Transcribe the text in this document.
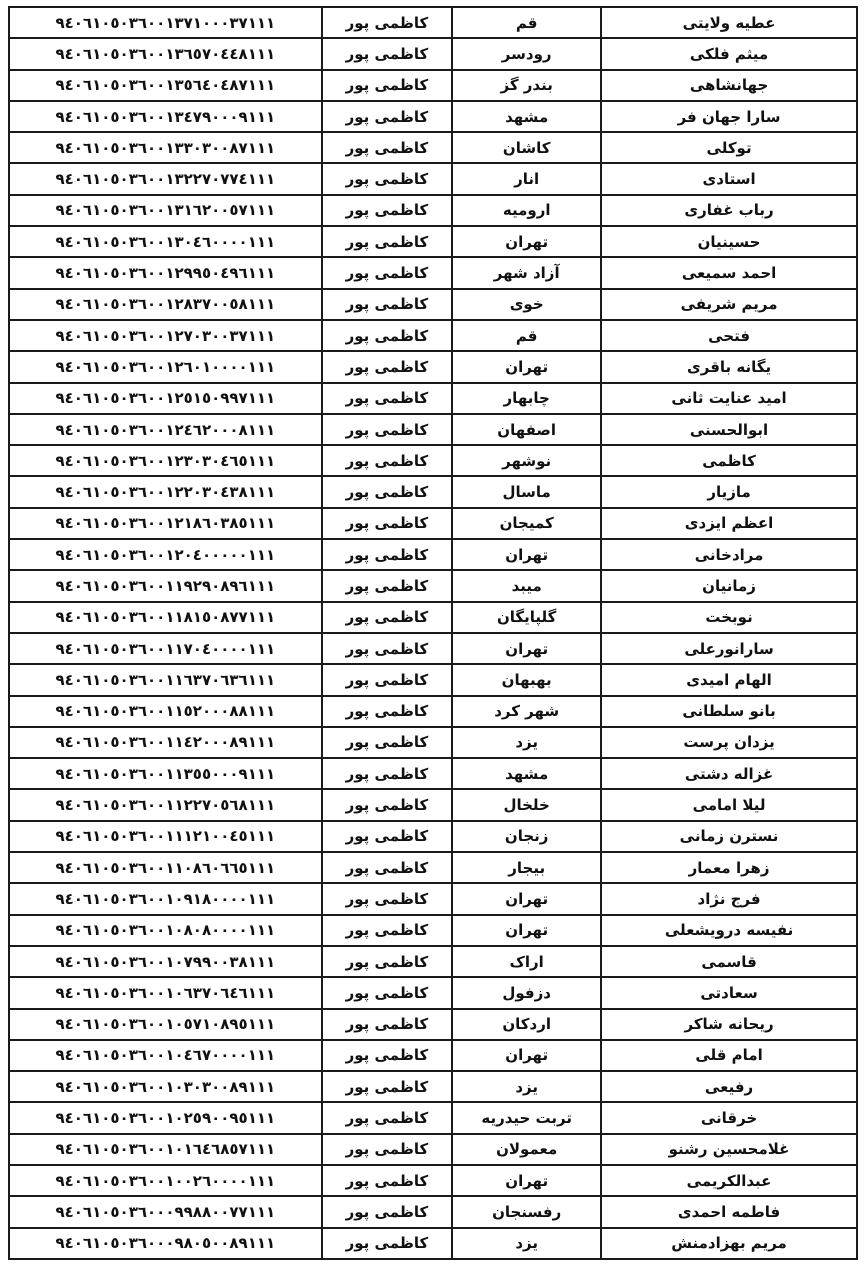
٩٤٠٦١٠٥٠٣٦٠٠١٣٧١٠٠٠٣٧١١١	کاظمی پور	قم	عطیه ولایتی
٩٤٠٦١٠٥٠٣٦٠٠١٣٦٥٧٠٤٤٨١١١	کاظمی پور	رودسر	میثم فلکی
٩٤٠٦١٠٥٠٣٦٠٠١٣٥٦٤٠٤٨٧١١١	کاظمی پور	بندر گز	جهانشاهی
٩٤٠٦١٠٥٠٣٦٠٠١٣٤٧٩٠٠٠٩١١١	کاظمی پور	مشهد	سارا جهان فر
٩٤٠٦١٠٥٠٣٦٠٠١٣٣٠٣٠٠٨٧١١١	کاظمی پور	کاشان	توکلی
٩٤٠٦١٠٥٠٣٦٠٠١٣٢٢٧٠٧٧٤١١١	کاظمی پور	انار	استادی
٩٤٠٦١٠٥٠٣٦٠٠١٣١٦٢٠٠٥٧١١١	کاظمی پور	ارومیه	رباب غفاری
٩٤٠٦١٠٥٠٣٦٠٠١٣٠٤٦٠٠٠٠١١١	کاظمی پور	تهران	حسینیان
٩٤٠٦١٠٥٠٣٦٠٠١٢٩٩٥٠٤٩٦١١١	کاظمی پور	آزاد شهر	احمد سمیعی
٩٤٠٦١٠٥٠٣٦٠٠١٢٨٣٧٠٠٥٨١١١	کاظمی پور	خوی	مریم شریفی
٩٤٠٦١٠٥٠٣٦٠٠١٢٧٠٣٠٠٣٧١١١	کاظمی پور	قم	فتحی
٩٤٠٦١٠٥٠٣٦٠٠١٢٦٠١٠٠٠٠١١١	کاظمی پور	تهران	یگانه باقری
٩٤٠٦١٠٥٠٣٦٠٠١٢٥١٥٠٩٩٧١١١	کاظمی پور	چابهار	امید عنایت ثانی
٩٤٠٦١٠٥٠٣٦٠٠١٢٤٦٢٠٠٠٨١١١	کاظمی پور	اصفهان	ابوالحسنی
٩٤٠٦١٠٥٠٣٦٠٠١٢٣٠٣٠٤٦٥١١١	کاظمی پور	نوشهر	کاظمی
٩٤٠٦١٠٥٠٣٦٠٠١٢٢٠٣٠٤٣٨١١١	کاظمی پور	ماسال	مازیار
٩٤٠٦١٠٥٠٣٦٠٠١٢١٨٦٠٣٨٥١١١	کاظمی پور	کمیجان	اعظم ایزدی
٩٤٠٦١٠٥٠٣٦٠٠١٢٠٤٠٠٠٠٠١١١	کاظمی پور	تهران	مرادخانی
٩٤٠٦١٠٥٠٣٦٠٠١١٩٢٩٠٨٩٦١١١	کاظمی پور	میبد	زمانیان
٩٤٠٦١٠٥٠٣٦٠٠١١٨١٥٠٨٧٧١١١	کاظمی پور	گلپایگان	نوبخت
٩٤٠٦١٠٥٠٣٦٠٠١١٧٠٤٠٠٠٠١١١	کاظمی پور	تهران	سارانورعلی
٩٤٠٦١٠٥٠٣٦٠٠١١٦٣٧٠٦٣٦١١١	کاظمی پور	بهبهان	الهام امیدی
٩٤٠٦١٠٥٠٣٦٠٠١١٥٢٠٠٠٨٨١١١	کاظمی پور	شهر کرد	بانو سلطانی
٩٤٠٦١٠٥٠٣٦٠٠١١٤٢٠٠٠٨٩١١١	کاظمی پور	یزد	یزدان پرست
٩٤٠٦١٠٥٠٣٦٠٠١١٣٥٥٠٠٠٩١١١	کاظمی پور	مشهد	غزاله دشتی
٩٤٠٦١٠٥٠٣٦٠٠١١٢٢٧٠٥٦٨١١١	کاظمی پور	خلخال	لیلا امامی
٩٤٠٦١٠٥٠٣٦٠٠١١١٢١٠٠٤٥١١١	کاظمی پور	زنجان	نسترن زمانی
٩٤٠٦١٠٥٠٣٦٠٠١١٠٨٦٠٦٦٥١١١	کاظمی پور	بیجار	زهرا معمار
٩٤٠٦١٠٥٠٣٦٠٠١٠٩١٨٠٠٠٠١١١	کاظمی پور	تهران	فرج نژاد
٩٤٠٦١٠٥٠٣٦٠٠١٠٨٠٨٠٠٠٠١١١	کاظمی پور	تهران	نفیسه درویشعلی
٩٤٠٦١٠٥٠٣٦٠٠١٠٧٩٩٠٠٣٨١١١	کاظمی پور	اراک	قاسمی
٩٤٠٦١٠٥٠٣٦٠٠١٠٦٣٧٠٦٤٦١١١	کاظمی پور	دزفول	سعادتی
٩٤٠٦١٠٥٠٣٦٠٠١٠٥٧١٠٨٩٥١١١	کاظمی پور	اردکان	ریحانه شاکر
٩٤٠٦١٠٥٠٣٦٠٠١٠٤٦٧٠٠٠٠١١١	کاظمی پور	تهران	امام قلی
٩٤٠٦١٠٥٠٣٦٠٠١٠٣٠٣٠٠٨٩١١١	کاظمی پور	یزد	رفیعی
٩٤٠٦١٠٥٠٣٦٠٠١٠٢٥٩٠٠٩٥١١١	کاظمی پور	تربت حیدریه	خرقانی
٩٤٠٦١٠٥٠٣٦٠٠١٠١٦٤٦٨٥٧١١١	کاظمی پور	معمولان	غلامحسین رشنو
٩٤٠٦١٠٥٠٣٦٠٠١٠٠٢٦٠٠٠٠١١١	کاظمی پور	تهران	عبدالکریمی
٩٤٠٦١٠٥٠٣٦٠٠٠٩٩٨٨٠٠٧٧١١١	کاظمی پور	رفسنجان	فاطمه احمدی
٩٤٠٦١٠٥٠٣٦٠٠٠٩٨٠٥٠٠٨٩١١١	کاظمی پور	یزد	مریم بهزادمنش
